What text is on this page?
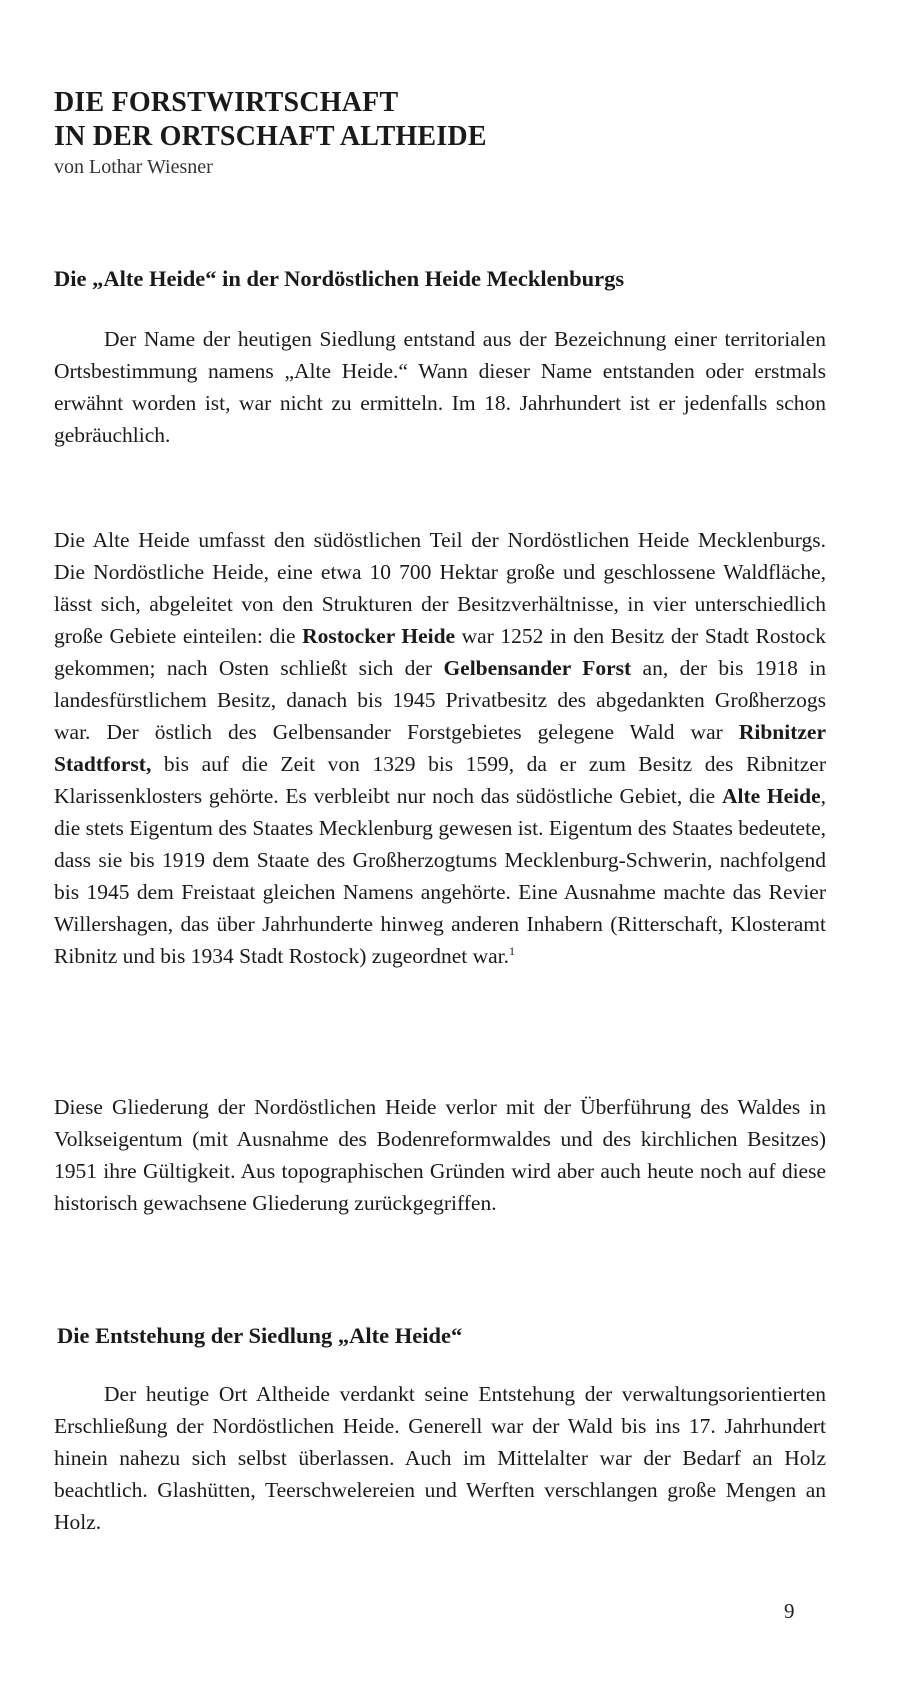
DIE FORSTWIRTSCHAFT
IN DER ORTSCHAFT ALTHEIDE

von Lothar Wiesner

Die „Alte Heide“ in der Nordöstlichen Heide Mecklenburgs

Der Name der heutigen Siedlung entstand aus der Bezeichnung einer territorialen Ortsbestimmung namens „Alte Heide.“ Wann dieser Name entstanden oder erstmals erwähnt worden ist, war nicht zu ermitteln. Im 18. Jahrhundert ist er jedenfalls schon gebräuchlich.

Die Alte Heide umfasst den südöstlichen Teil der Nordöstlichen Heide Mecklenburgs. Die Nordöstliche Heide, eine etwa 10 700 Hektar große und geschlossene Waldfläche, lässt sich, abgeleitet von den Strukturen der Besitzverhältnisse, in vier unterschiedlich große Gebiete einteilen: die Rostocker Heide war 1252 in den Besitz der Stadt Rostock gekommen; nach Osten schließt sich der Gelbensander Forst an, der bis 1918 in landesfürstlichem Besitz, danach bis 1945 Privatbesitz des abgedankten Großherzogs war. Der östlich des Gelbensander Forstgebietes gelegene Wald war Ribnitzer Stadtforst, bis auf die Zeit von 1329 bis 1599, da er zum Besitz des Ribnitzer Klarissenklosters gehörte. Es verbleibt nur noch das südöstliche Gebiet, die Alte Heide, die stets Eigentum des Staates Mecklenburg gewesen ist. Eigentum des Staates bedeutete, dass sie bis 1919 dem Staate des Großherzogtums Mecklenburg-Schwerin, nachfolgend bis 1945 dem Freistaat gleichen Namens angehörte. Eine Ausnahme machte das Revier Willershagen, das über Jahrhunderte hinweg anderen Inhabern (Ritterschaft, Klosteramt Ribnitz und bis 1934 Stadt Rostock) zugeordnet war.$^1$

Diese Gliederung der Nordöstlichen Heide verlor mit der Überführung des Waldes in Volkseigentum (mit Ausnahme des Bodenreformwaldes und des kirchlichen Besitzes) 1951 ihre Gültigkeit. Aus topographischen Gründen wird aber auch heute noch auf diese historisch gewachsene Gliederung zurückgegriffen.

Die Entstehung der Siedlung „Alte Heide“

Der heutige Ort Altheide verdankt seine Entstehung der verwaltungsorientierten Erschließung der Nordöstlichen Heide. Generell war der Wald bis ins 17. Jahrhundert hinein nahezu sich selbst überlassen. Auch im Mittelalter war der Bedarf an Holz beachtlich. Glashütten, Teerschwelereien und Werften verschlangen große Mengen an Holz.

9
